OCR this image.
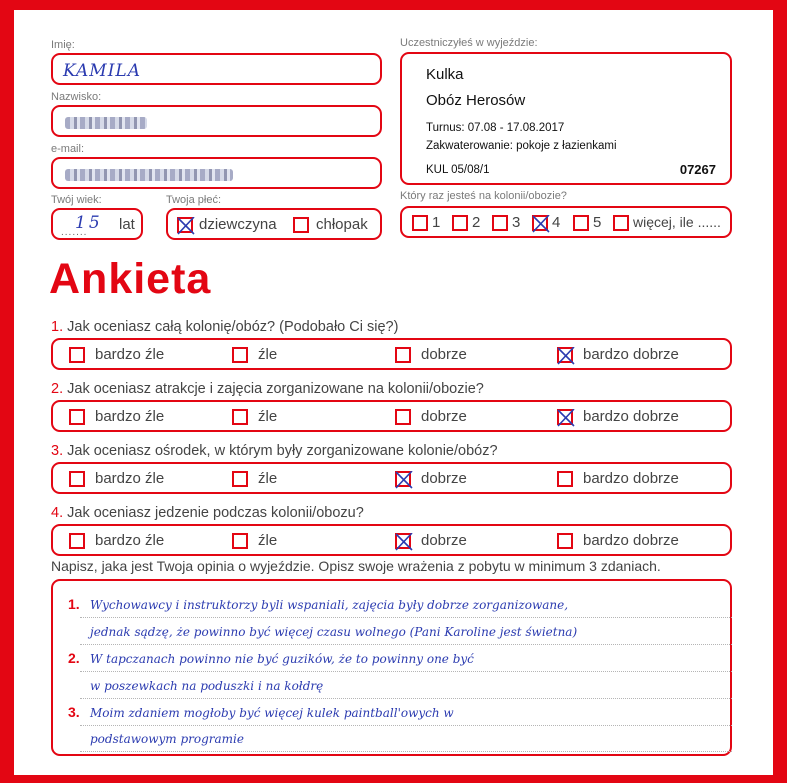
Imię:
KAMILA
Nazwisko:
e-mail:
Twój wiek:
.......
15 lat
Twoja płeć:
dziewczyna	chłopak
Uczestniczyłeś w wyjeździe:
Kulka
Obóz Herosów
Turnus: 07.08 - 17.08.2017
Zakwaterowanie: pokoje z łazienkami
KUL 05/08/1	07267
Który raz jesteś na kolonii/obozie?
1 2 3 4 5 więcej, ile ......
Ankieta
1. Jak oceniasz całą kolonię/obóz? (Podobało Ci się?)
bardzo źle	źle	dobrze	bardzo dobrze
2. Jak oceniasz atrakcje i zajęcia zorganizowane na kolonii/obozie?
bardzo źle	źle	dobrze	bardzo dobrze
3. Jak oceniasz ośrodek, w którym były zorganizowane kolonie/obóz?
bardzo źle	źle	dobrze	bardzo dobrze
4. Jak oceniasz jedzenie podczas kolonii/obozu?
bardzo źle	źle	dobrze	bardzo dobrze
Napisz, jaka jest Twoja opinia o wyjeździe. Opisz swoje wrażenia z pobytu w minimum 3 zdaniach.
1. Wychowawcy i instruktorzy byli wspaniali, zajęcia były dobrze zorganizowane,
jednak sądzę, że powinno być więcej czasu wolnego (Pani Karoline jest świetna)
2. W tapczanach powinno nie być guzików, że to powinny one być
w poszewkach na poduszki i na kołdrę
3. Moim zdaniem mogłoby być więcej kulek paintball'owych w
podstawowym programie
